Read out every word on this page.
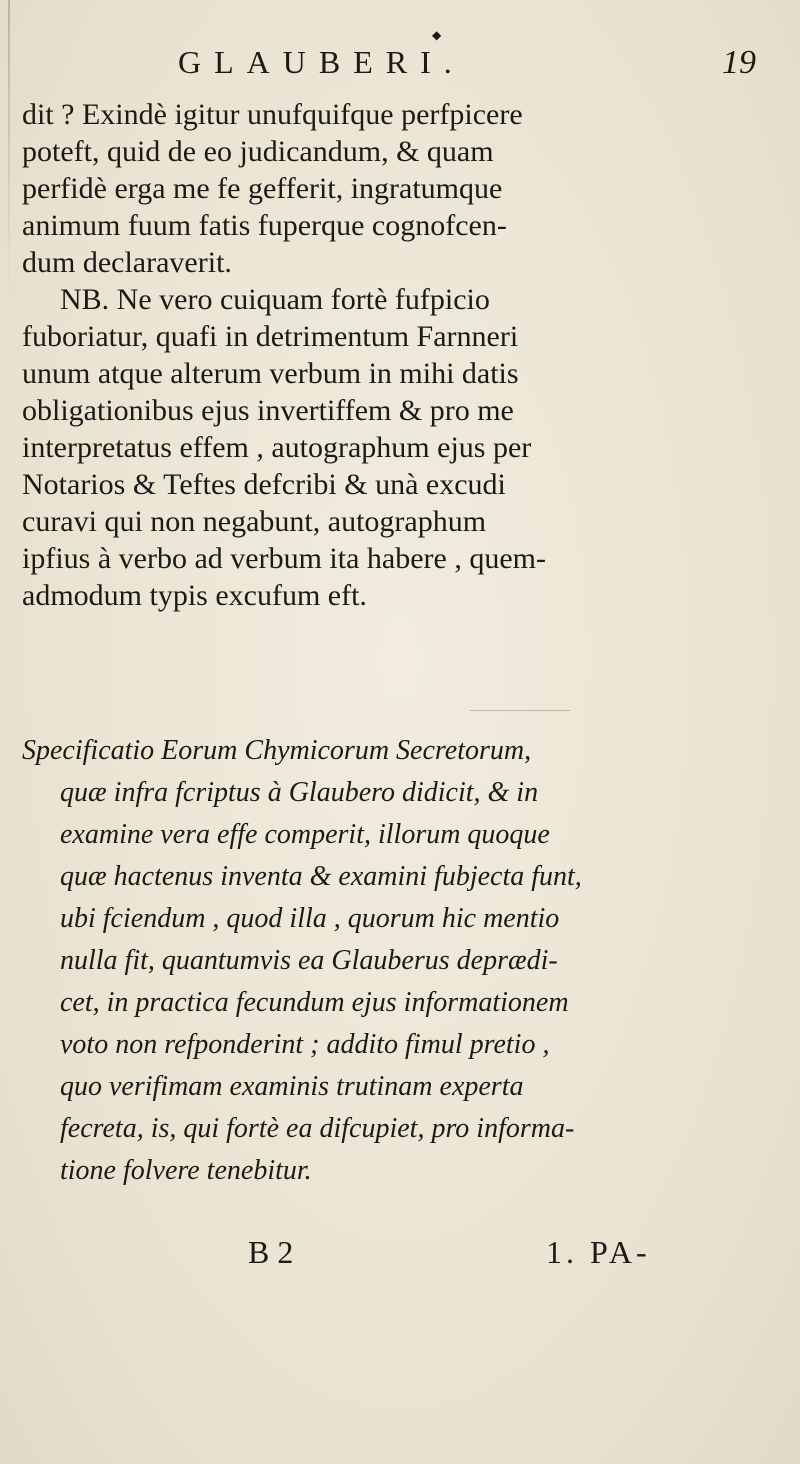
◆
GLAUBERI.	19
dit ? Exindè igitur unufquifque perfpicere
poteft, quid de eo judicandum, & quam
perfidè erga me fe gefferit, ingratumque
animum fuum fatis fuperque cognofcen-
dum declaraverit.
NB. Ne vero cuiquam fortè fufpicio
fuboriatur, quafi in detrimentum Farnneri
unum atque alterum verbum in mihi datis
obligationibus ejus invertiffem & pro me
interpretatus effem , autographum ejus per
Notarios & Teftes defcribi & unà excudi
curavi qui non negabunt, autographum
ipfius à verbo ad verbum ita habere , quem-
admodum typis excufum eft.
Specificatio Eorum Chymicorum Secretorum,
quæ infra fcriptus à Glaubero didicit, & in
examine vera effe comperit, illorum quoque
quæ hactenus inventa & examini fubjecta funt,
ubi fciendum , quod illa , quorum hic mentio
nulla fit, quantumvis ea Glauberus deprædi-
cet, in practica fecundum ejus informationem
voto non refponderint ; addito fimul pretio ,
quo verifimam examinis trutinam experta
fecreta, is, qui fortè ea difcupiet, pro informa-
tione folvere tenebitur.
B 2	1. PA-
